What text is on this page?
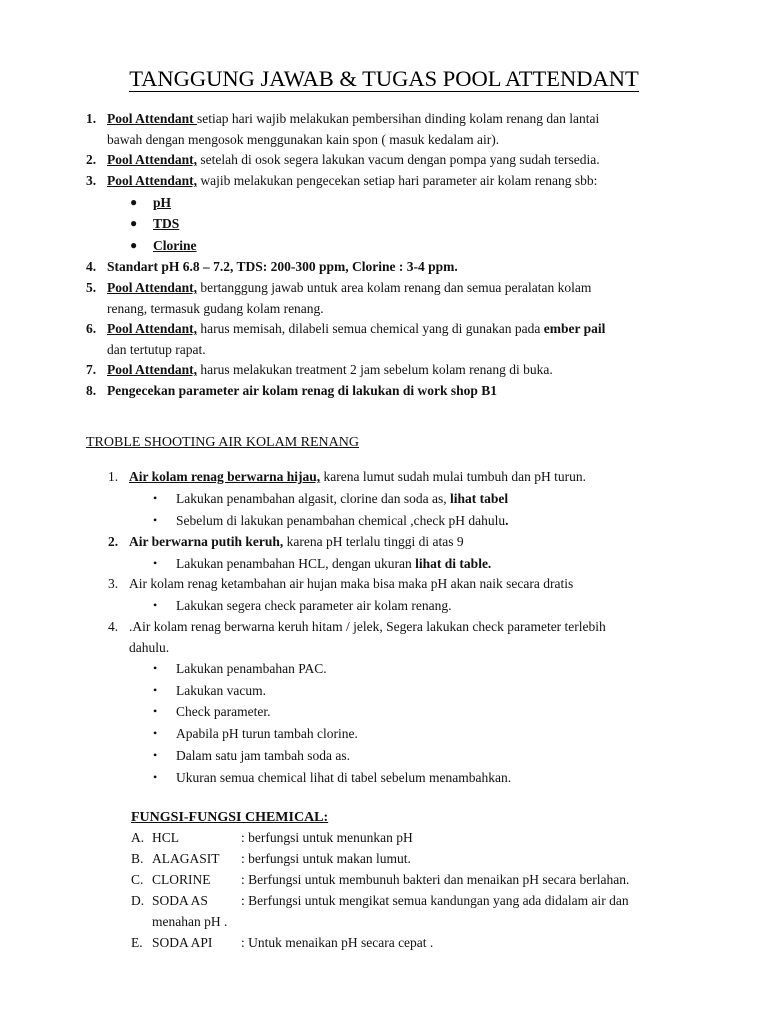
TANGGUNG JAWAB & TUGAS POOL ATTENDANT
1. Pool Attendant setiap hari wajib melakukan pembersihan dinding kolam renang dan lantai
bawah dengan mengosok menggunakan kain spon ( masuk kedalam air).
2. Pool Attendant, setelah di osok segera lakukan vacum dengan pompa yang sudah tersedia.
3. Pool Attendant, wajib melakukan pengecekan setiap hari parameter air kolam renang sbb:
● pH
● TDS
● Clorine
4. Standart pH 6.8 – 7.2, TDS: 200-300 ppm, Clorine : 3-4 ppm.
5. Pool Attendant, bertanggung jawab untuk area kolam renang dan semua peralatan kolam
renang, termasuk gudang kolam renang.
6. Pool Attendant, harus memisah, dilabeli semua chemical yang di gunakan pada ember pail
dan tertutup rapat.
7. Pool Attendant, harus melakukan treatment 2 jam sebelum kolam renang di buka.
8. Pengecekan parameter air kolam renag di lakukan di work shop B1
TROBLE SHOOTING AIR KOLAM RENANG
1. Air kolam renag berwarna hijau, karena lumut sudah mulai tumbuh dan pH turun.
• Lakukan penambahan algasit, clorine dan soda as, lihat tabel
• Sebelum di lakukan penambahan chemical ,check pH dahulu.
2. Air berwarna putih keruh, karena pH terlalu tinggi di atas 9
• Lakukan penambahan HCL, dengan ukuran lihat di table.
3. Air kolam renag ketambahan air hujan maka bisa maka pH akan naik secara dratis
• Lakukan segera check parameter air kolam renang.
4. .Air kolam renag berwarna keruh hitam / jelek, Segera lakukan check parameter terlebih
dahulu.
• Lakukan penambahan PAC.
• Lakukan vacum.
• Check parameter.
• Apabila pH turun tambah clorine.
• Dalam satu jam tambah soda as.
• Ukuran semua chemical lihat di tabel sebelum menambahkan.
FUNGSI-FUNGSI CHEMICAL:
A. HCL	: berfungsi untuk menunkan pH
B. ALAGASIT : berfungsi untuk makan lumut.
C. CLORINE : Berfungsi untuk membunuh bakteri dan menaikan pH secara berlahan.
D. SODA AS : Berfungsi untuk mengikat semua kandungan yang ada didalam air dan
menahan pH .
E. SODA API : Untuk menaikan pH secara cepat .
